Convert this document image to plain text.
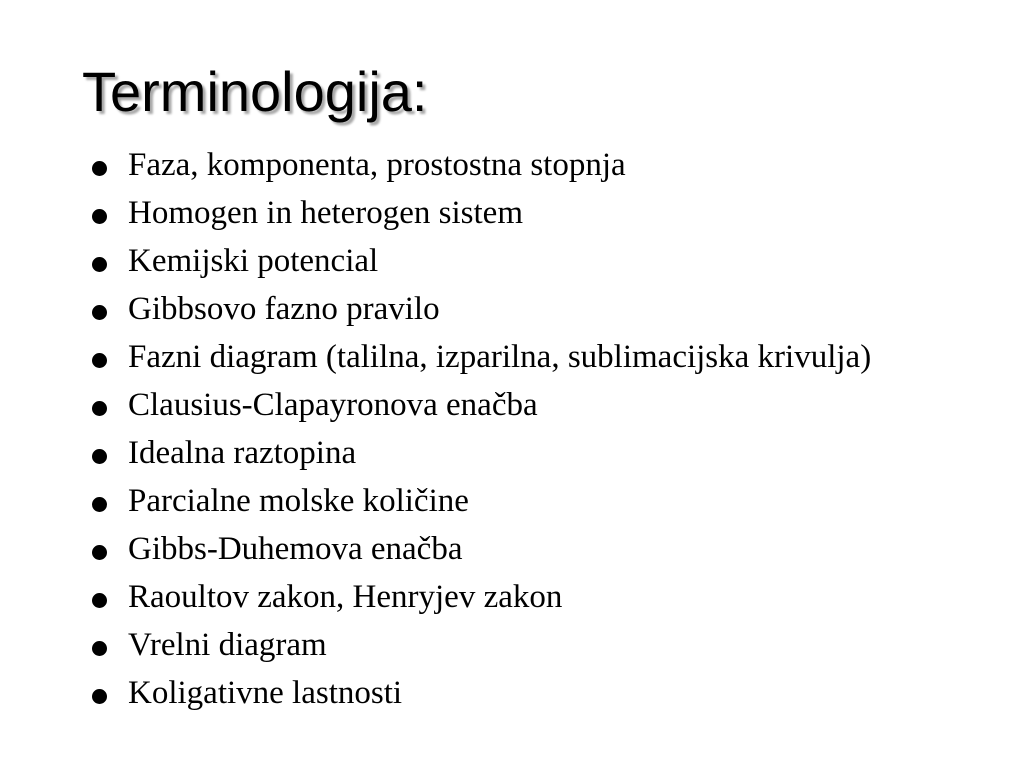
Terminologija:
Faza, komponenta, prostostna stopnja
Homogen in heterogen sistem
Kemijski potencial
Gibbsovo fazno pravilo
Fazni diagram (talilna, izparilna, sublimacijska krivulja)
Clausius-Clapayronova enačba
Idealna raztopina
Parcialne molske količine
Gibbs-Duhemova enačba
Raoultov zakon, Henryjev zakon
Vrelni diagram
Koligativne lastnosti
